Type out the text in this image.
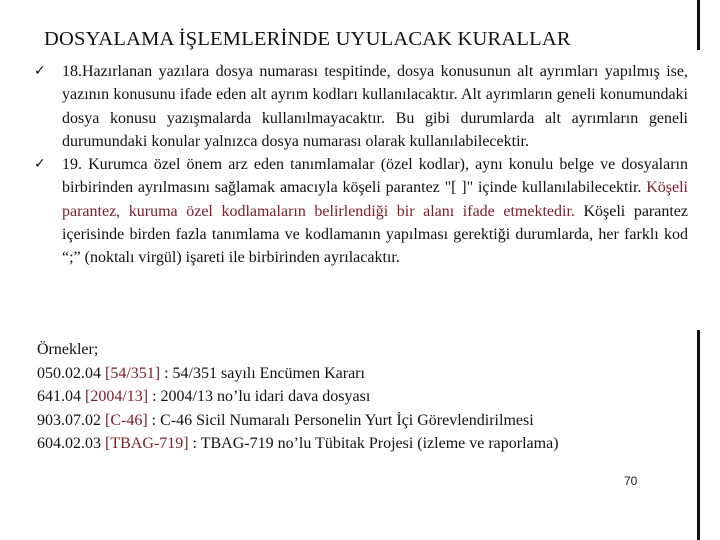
DOSYALAMA İŞLEMLERİNDE UYULACAK KURALLAR
✓	18.Hazırlanan yazılara dosya numarası tespitinde, dosya konusunun alt ayrımları yapılmış ise, yazının konusunu ifade eden alt ayrım kodları kullanılacaktır. Alt ayrımların geneli konumundaki dosya konusu yazışmalarda kullanılmayacaktır. Bu gibi durumlarda alt ayrımların geneli durumundaki konular yalnızca dosya numarası olarak kullanılabilecektir.
✓	19. Kurumca özel önem arz eden tanımlamalar (özel kodlar), aynı konulu belge ve dosyaların birbirinden ayrılmasını sağlamak amacıyla köşeli parantez "[ ]" içinde kullanılabilecektir. Köşeli parantez, kuruma özel kodlamaların belirlendiği bir alanı ifade etmektedir. Köşeli parantez içerisinde birden fazla tanımlama ve kodlamanın yapılması gerektiği durumlarda, her farklı kod “;” (noktalı virgül) işareti ile birbirinden ayrılacaktır.
Örnekler;
050.02.04 [54/351] : 54/351 sayılı Encümen Kararı
641.04 [2004/13] : 2004/13 no’lu idari dava dosyası
903.07.02 [C-46] : C-46 Sicil Numaralı Personelin Yurt İçi Görevlendirilmesi
604.02.03 [TBAG-719] : TBAG-719 no’lu Tübitak Projesi (izleme ve raporlama)
70
